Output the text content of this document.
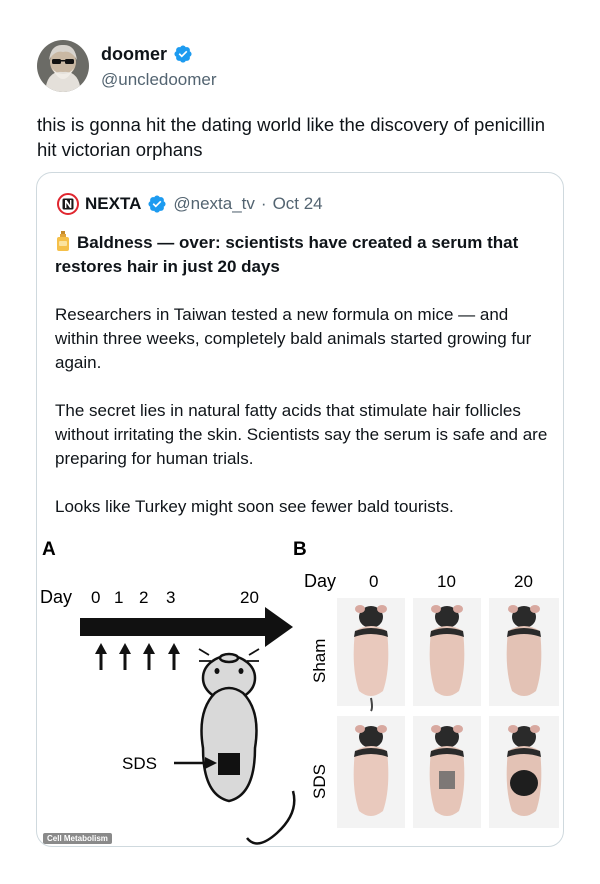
doomer
@uncledoomer
this is gonna hit the dating world like the discovery of penicillin hit victorian orphans
NEXTA @nexta_tv · Oct 24
Baldness — over: scientists have created a serum that restores hair in just 20 days
Researchers in Taiwan tested a new formula on mice — and within three weeks, completely bald animals started growing fur again.
The secret lies in natural fatty acids that stimulate hair follicles without irritating the skin. Scientists say the serum is safe and are preparing for human trials.
Looks like Turkey might soon see fewer bald tourists.
A
Day 0 1 2 3	20
SDS
B
Day 0	10	20
Sham
SDS
Cell Metabolism
